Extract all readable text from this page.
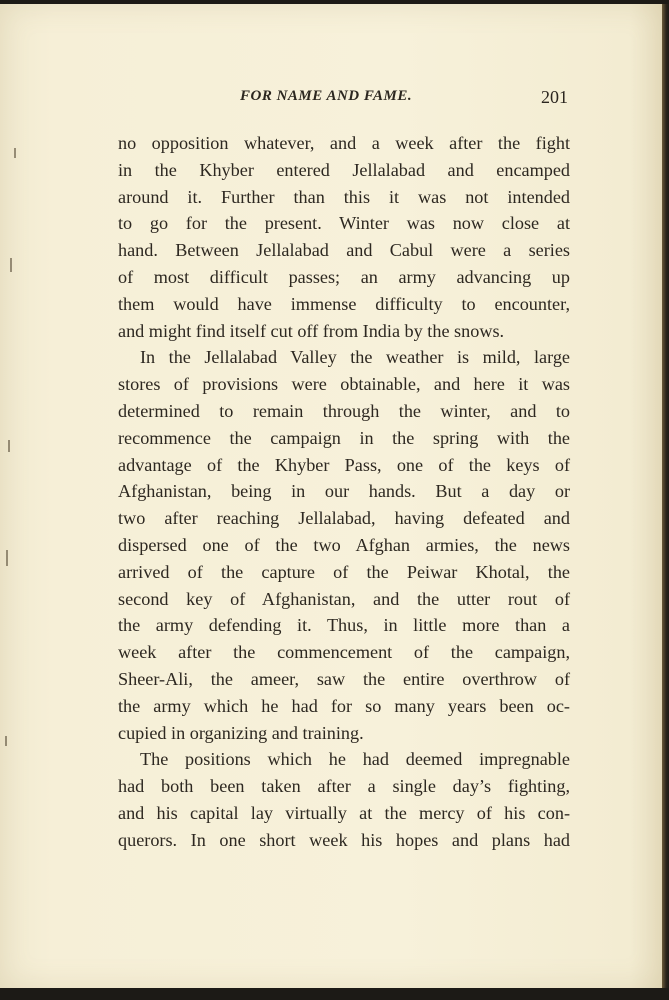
FOR NAME AND FAME.	201

no opposition whatever, and a week after the fight
in the Khyber entered Jellalabad and encamped
around it. Further than this it was not intended
to go for the present. Winter was now close at
hand. Between Jellalabad and Cabul were a series
of most difficult passes; an army advancing up
them would have immense difficulty to encounter,
and might find itself cut off from India by the snows.

In the Jellalabad Valley the weather is mild, large
stores of provisions were obtainable, and here it was
determined to remain through the winter, and to
recommence the campaign in the spring with the
advantage of the Khyber Pass, one of the keys of
Afghanistan, being in our hands. But a day or
two after reaching Jellalabad, having defeated and
dispersed one of the two Afghan armies, the news
arrived of the capture of the Peiwar Khotal, the
second key of Afghanistan, and the utter rout of
the army defending it. Thus, in little more than a
week after the commencement of the campaign,
Sheer-Ali, the ameer, saw the entire overthrow of
the army which he had for so many years been oc-
cupied in organizing and training.

The positions which he had deemed impregnable
had both been taken after a single day’s fighting,
and his capital lay virtually at the mercy of his con-
querors. In one short week his hopes and plans had
